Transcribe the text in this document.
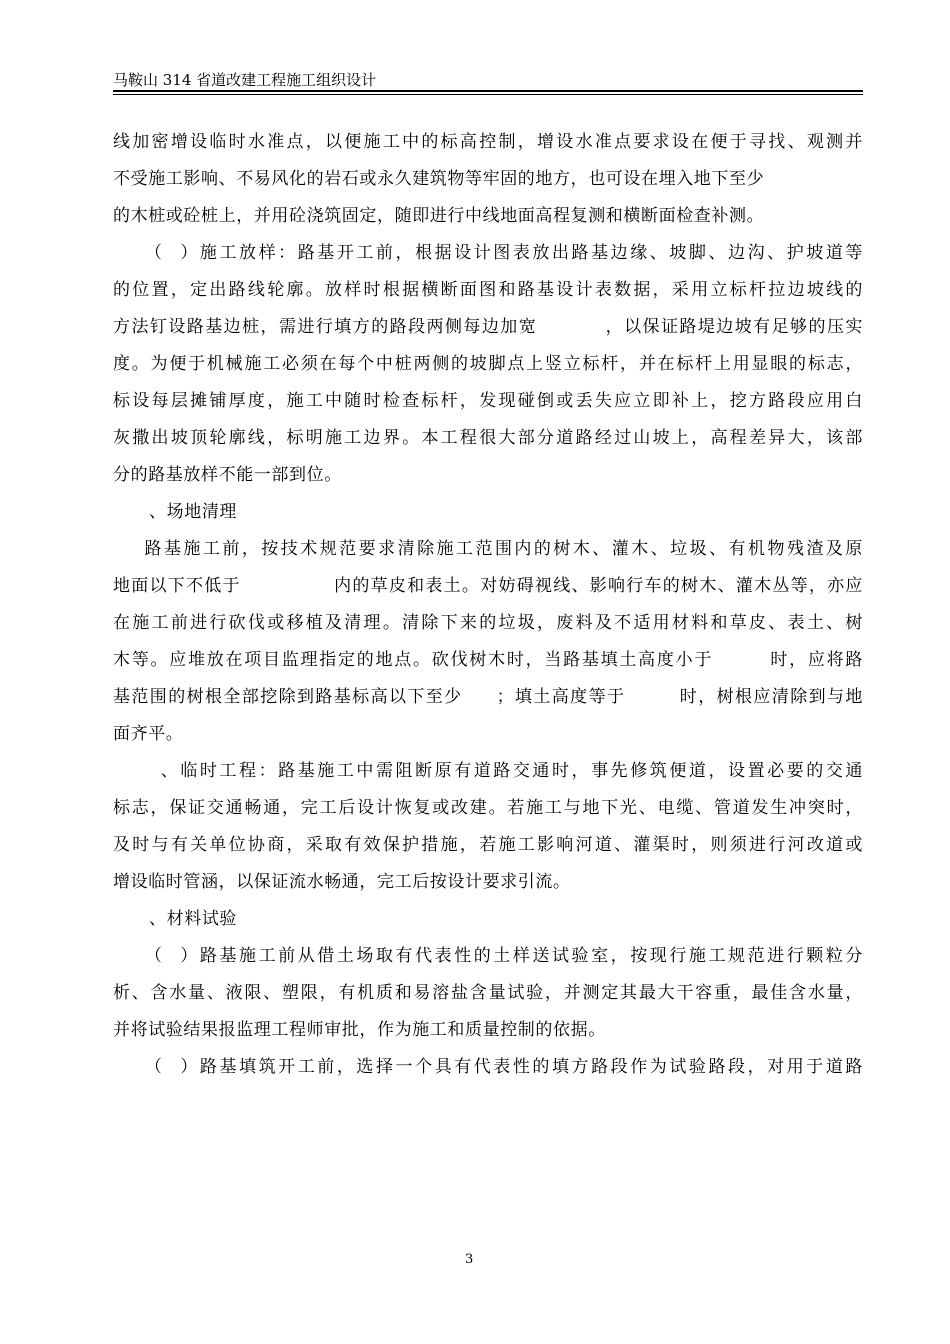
马鞍山 314 省道改建工程施工组织设计
线加密增设临时水准点，以便施工中的标高控制，增设水准点要求设在便于寻找、观测并
不受施工影响、不易风化的岩石或永久建筑物等牢固的地方，也可设在埋入地下至少
的木桩或砼桩上，并用砼浇筑固定，随即进行中线地面高程复测和横断面检查补测。
（  ）施工放样：路基开工前，根据设计图表放出路基边缘、坡脚、边沟、护坡道等
的位置，定出路线轮廓。放样时根据横断面图和路基设计表数据，采用立标杆拉边坡线的
方法钉设路基边桩，需进行填方的路段两侧每边加宽          ，以保证路堤边坡有足够的压实
度。为便于机械施工必须在每个中桩两侧的坡脚点上竖立标杆，并在标杆上用显眼的标志，
标设每层摊铺厚度，施工中随时检查标杆，发现碰倒或丢失应立即补上，挖方路段应用白
灰撒出坡顶轮廓线，标明施工边界。本工程很大部分道路经过山坡上，高程差异大，该部
分的路基放样不能一部到位。
、场地清理
路基施工前，按技术规范要求清除施工范围内的树木、灌木、垃圾、有机物残渣及原
地面以下不低于              内的草皮和表土。对妨碍视线、影响行车的树木、灌木丛等，亦应
在施工前进行砍伐或移植及清理。清除下来的垃圾，废料及不适用材料和草皮、表土、树
木等。应堆放在项目监理指定的地点。砍伐树木时，当路基填土高度小于        时，应将路
基范围的树根全部挖除到路基标高以下至少     ；填土高度等于        时，树根应清除到与地
面齐平。
、临时工程：路基施工中需阻断原有道路交通时，事先修筑便道，设置必要的交通
标志，保证交通畅通，完工后设计恢复或改建。若施工与地下光、电缆、管道发生冲突时，
及时与有关单位协商，采取有效保护措施，若施工影响河道、灌渠时，则须进行河改道或
增设临时管涵，以保证流水畅通，完工后按设计要求引流。
、材料试验
（  ）路基施工前从借土场取有代表性的土样送试验室，按现行施工规范进行颗粒分
析、含水量、液限、塑限，有机质和易溶盐含量试验，并测定其最大干容重，最佳含水量，
并将试验结果报监理工程师审批，作为施工和质量控制的依据。
（  ）路基填筑开工前，选择一个具有代表性的填方路段作为试验路段，对用于道路
3
